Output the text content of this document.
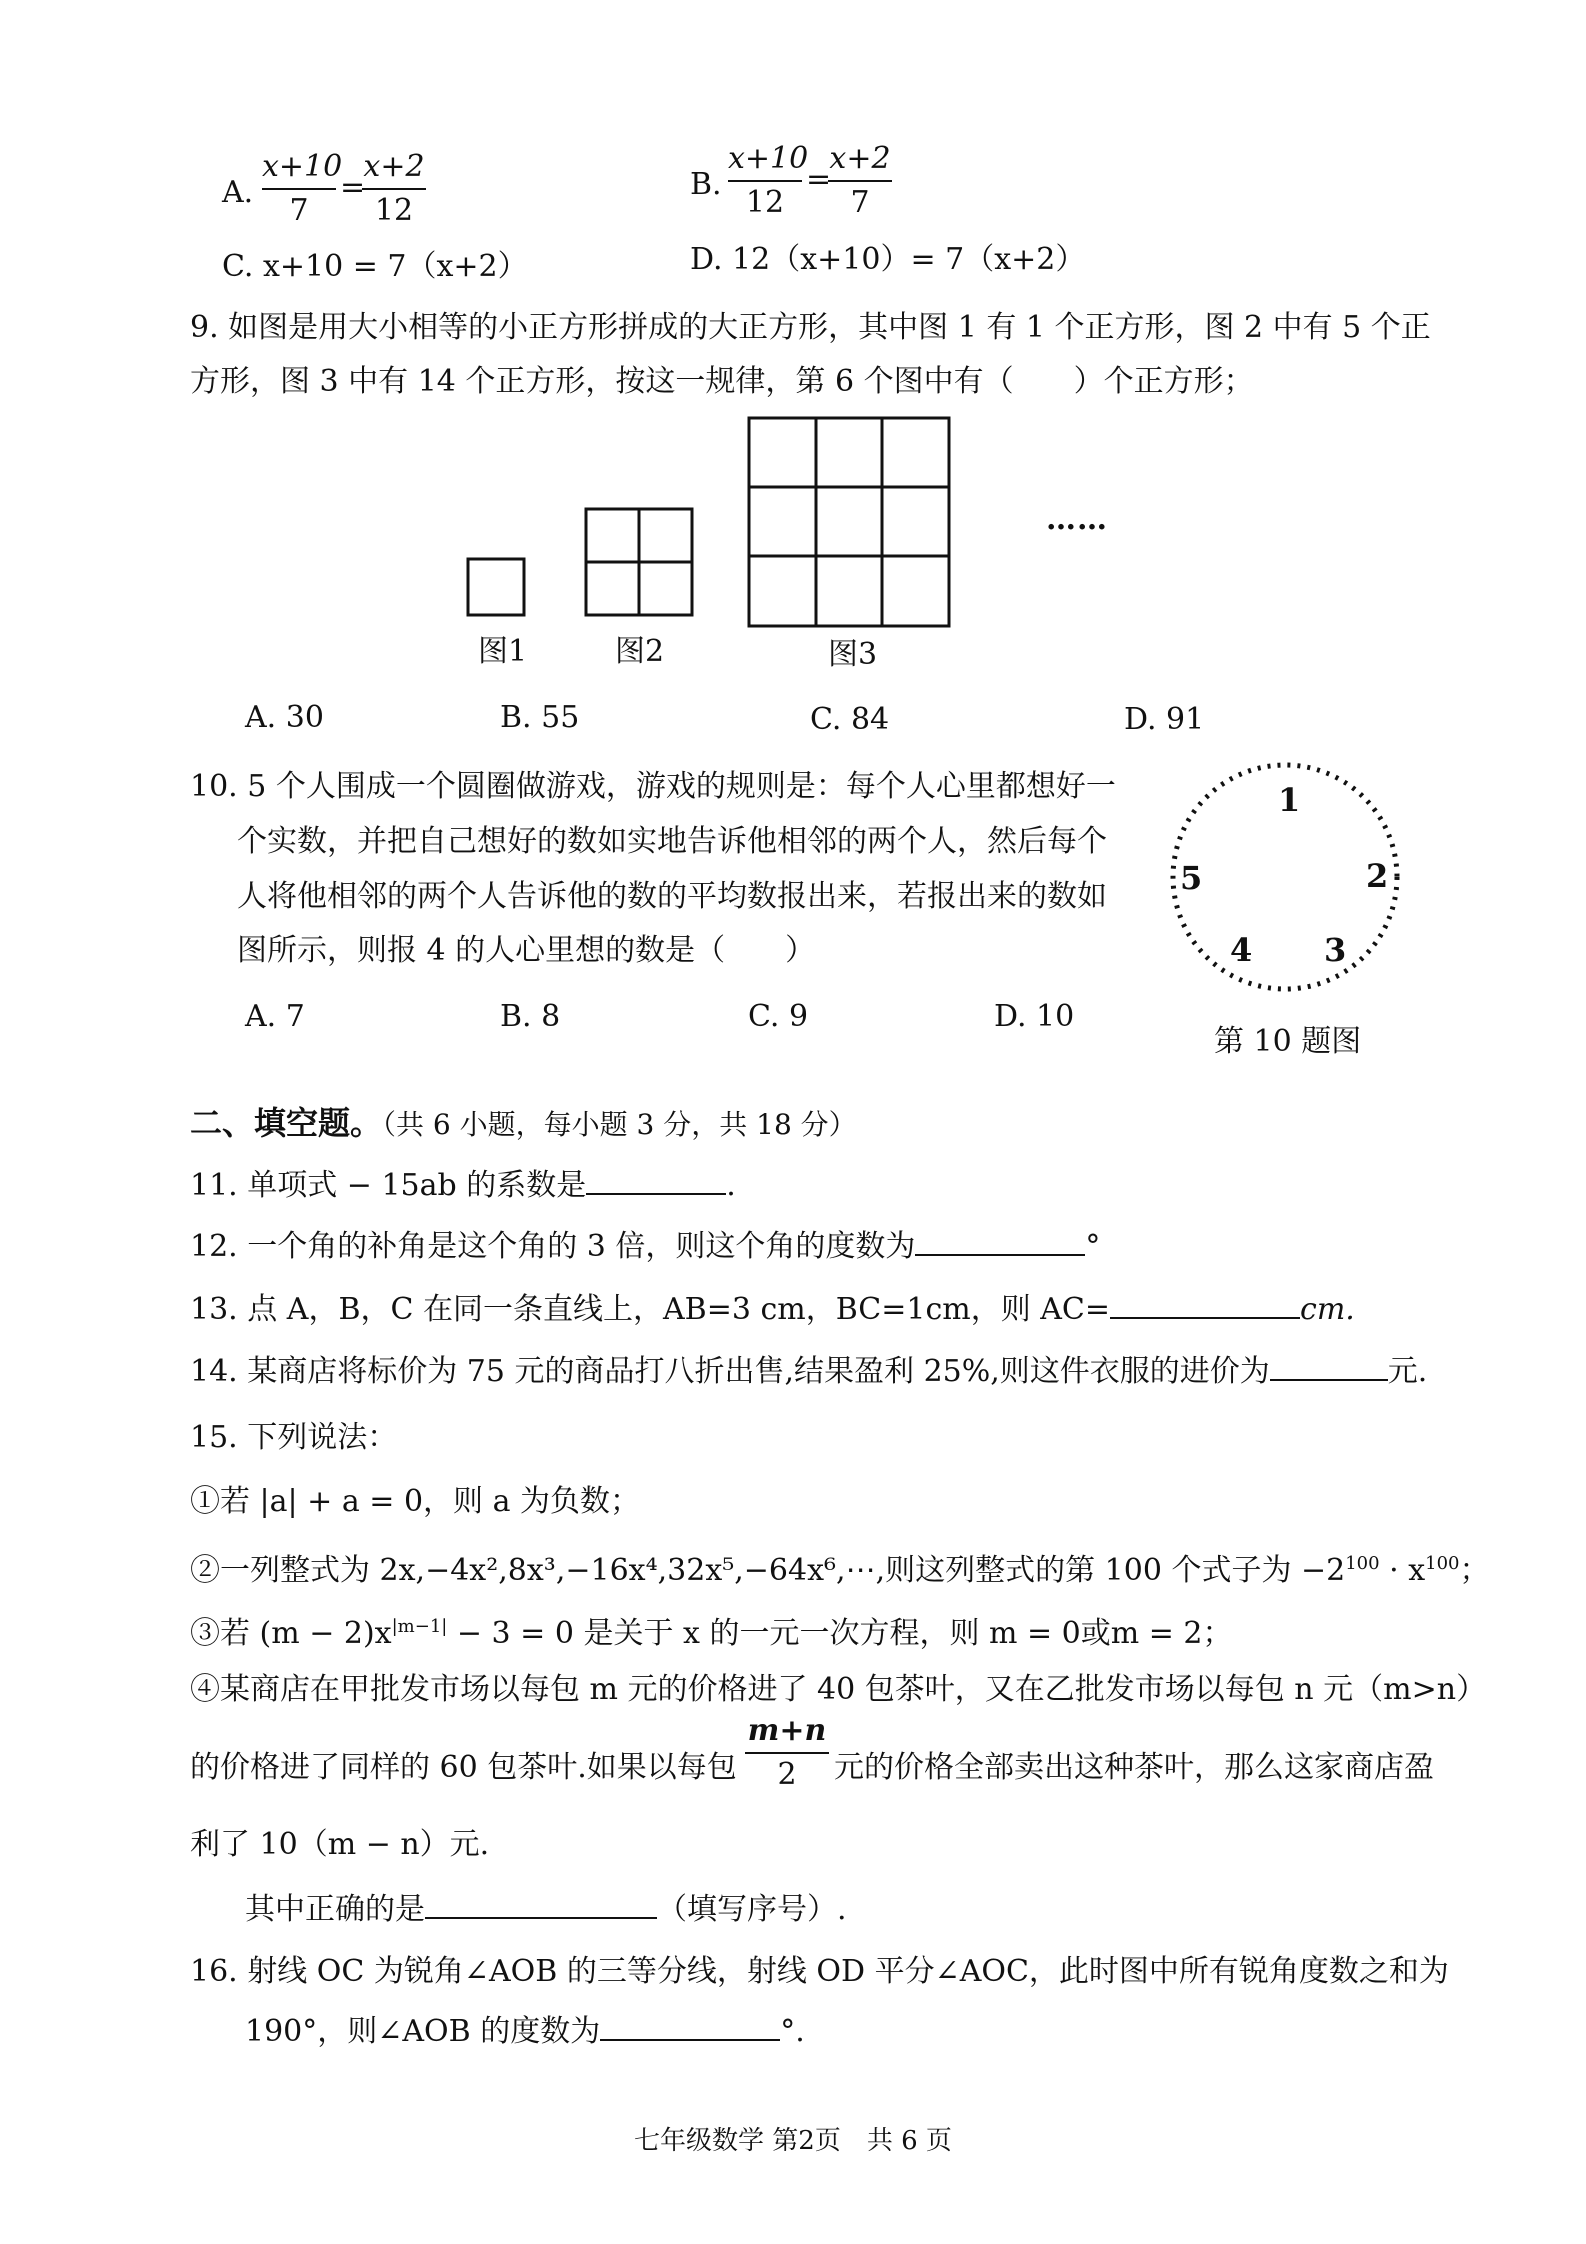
A.
x+10
7
=
x+2
12
B.
x+10
12
=
x+2
7
C. x+10 = 7（x+2）	D. 12（x+10）= 7（x+2）
9. 如图是用大小相等的小正方形拼成的大正方形，其中图 1 有 1 个正方形，图 2 中有 5 个正
方形，图 3 中有 14 个正方形，按这一规律，第 6 个图中有（　　）个正方形；
图1	图2	图3
……
A. 30	B. 55	C. 84	D. 91
10. 5 个人围成一个圆圈做游戏，游戏的规则是：每个人心里都想好一
个实数，并把自己想好的数如实地告诉他相邻的两个人，然后每个
人将他相邻的两个人告诉他的数的平均数报出来，若报出来的数如
图所示，则报 4 的人心里想的数是（　　）
1
2
3
4
5
第 10 题图
A. 7	B. 8	C. 9	D. 10
二、填空题。（共 6 小题，每小题 3 分，共 18 分）
11. 单项式 − 15ab 的系数是	.
12. 一个角的补角是这个角的 3 倍，则这个角的度数为	°
13. 点 A，B，C 在同一条直线上，AB=3 cm，BC=1cm，则 AC=	cm.
14. 某商店将标价为 75 元的商品打八折出售,结果盈利 25%,则这件衣服的进价为	元.
15. 下列说法：
①若 |a| + a = 0，则 a 为负数；
②一列整式为 2x,−4x²,8x³,−16x⁴,32x⁵,−64x⁶,⋯,则这列整式的第 100 个式子为 $-2^{100} \cdot x^{100}$；
③若 $(m - 2)x^{|m-1|} - 3 = 0$ 是关于 x 的一元一次方程，则 m = 0或m = 2；
④某商店在甲批发市场以每包 m 元的价格进了 40 包茶叶，又在乙批发市场以每包 n 元（m>n）
的价格进了同样的 60 包茶叶.如果以每包
m+n
2	元的价格全部卖出这种茶叶，那么这家商店盈
利了 10（m − n）元.
其中正确的是	（填写序号）.
16. 射线 OC 为锐角∠AOB 的三等分线，射线 OD 平分∠AOC，此时图中所有锐角度数之和为
190°，则∠AOB 的度数为	°.
七年级数学 第2页　共 6 页
